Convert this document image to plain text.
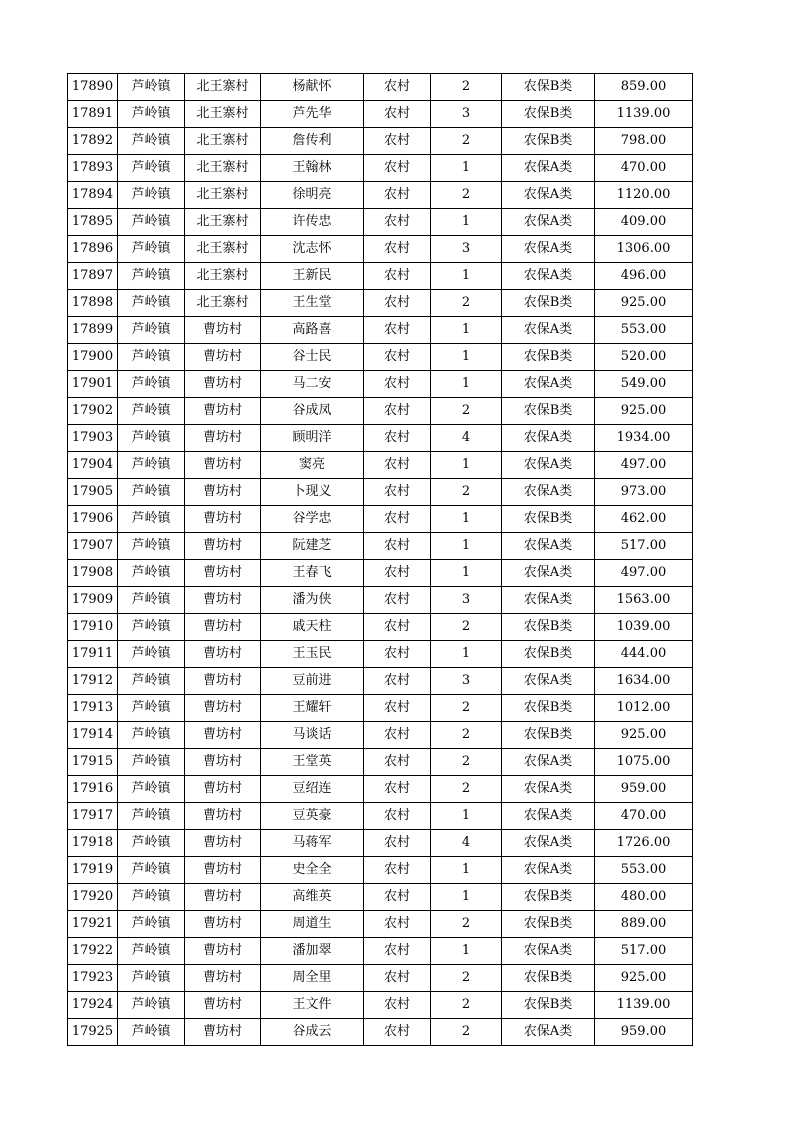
17890	芦岭镇	北王寨村	杨献怀	农村	2	农保B类	859.00
17891	芦岭镇	北王寨村	芦先华	农村	3	农保B类	1139.00
17892	芦岭镇	北王寨村	詹传利	农村	2	农保B类	798.00
17893	芦岭镇	北王寨村	王翰林	农村	1	农保A类	470.00
17894	芦岭镇	北王寨村	徐明亮	农村	2	农保A类	1120.00
17895	芦岭镇	北王寨村	许传忠	农村	1	农保A类	409.00
17896	芦岭镇	北王寨村	沈志怀	农村	3	农保A类	1306.00
17897	芦岭镇	北王寨村	王新民	农村	1	农保A类	496.00
17898	芦岭镇	北王寨村	王生堂	农村	2	农保B类	925.00
17899	芦岭镇	曹坊村	高路喜	农村	1	农保A类	553.00
17900	芦岭镇	曹坊村	谷士民	农村	1	农保B类	520.00
17901	芦岭镇	曹坊村	马二安	农村	1	农保A类	549.00
17902	芦岭镇	曹坊村	谷成凤	农村	2	农保B类	925.00
17903	芦岭镇	曹坊村	顾明洋	农村	4	农保A类	1934.00
17904	芦岭镇	曹坊村	窦亮	农村	1	农保A类	497.00
17905	芦岭镇	曹坊村	卜现义	农村	2	农保A类	973.00
17906	芦岭镇	曹坊村	谷学忠	农村	1	农保B类	462.00
17907	芦岭镇	曹坊村	阮建芝	农村	1	农保A类	517.00
17908	芦岭镇	曹坊村	王春飞	农村	1	农保A类	497.00
17909	芦岭镇	曹坊村	潘为侠	农村	3	农保A类	1563.00
17910	芦岭镇	曹坊村	戚天柱	农村	2	农保B类	1039.00
17911	芦岭镇	曹坊村	王玉民	农村	1	农保B类	444.00
17912	芦岭镇	曹坊村	豆前进	农村	3	农保A类	1634.00
17913	芦岭镇	曹坊村	王耀轩	农村	2	农保B类	1012.00
17914	芦岭镇	曹坊村	马谈话	农村	2	农保B类	925.00
17915	芦岭镇	曹坊村	王堂英	农村	2	农保A类	1075.00
17916	芦岭镇	曹坊村	豆绍连	农村	2	农保A类	959.00
17917	芦岭镇	曹坊村	豆英豪	农村	1	农保A类	470.00
17918	芦岭镇	曹坊村	马蒋军	农村	4	农保A类	1726.00
17919	芦岭镇	曹坊村	史全全	农村	1	农保A类	553.00
17920	芦岭镇	曹坊村	高维英	农村	1	农保B类	480.00
17921	芦岭镇	曹坊村	周道生	农村	2	农保B类	889.00
17922	芦岭镇	曹坊村	潘加翠	农村	1	农保A类	517.00
17923	芦岭镇	曹坊村	周全里	农村	2	农保B类	925.00
17924	芦岭镇	曹坊村	王文件	农村	2	农保B类	1139.00
17925	芦岭镇	曹坊村	谷成云	农村	2	农保A类	959.00
